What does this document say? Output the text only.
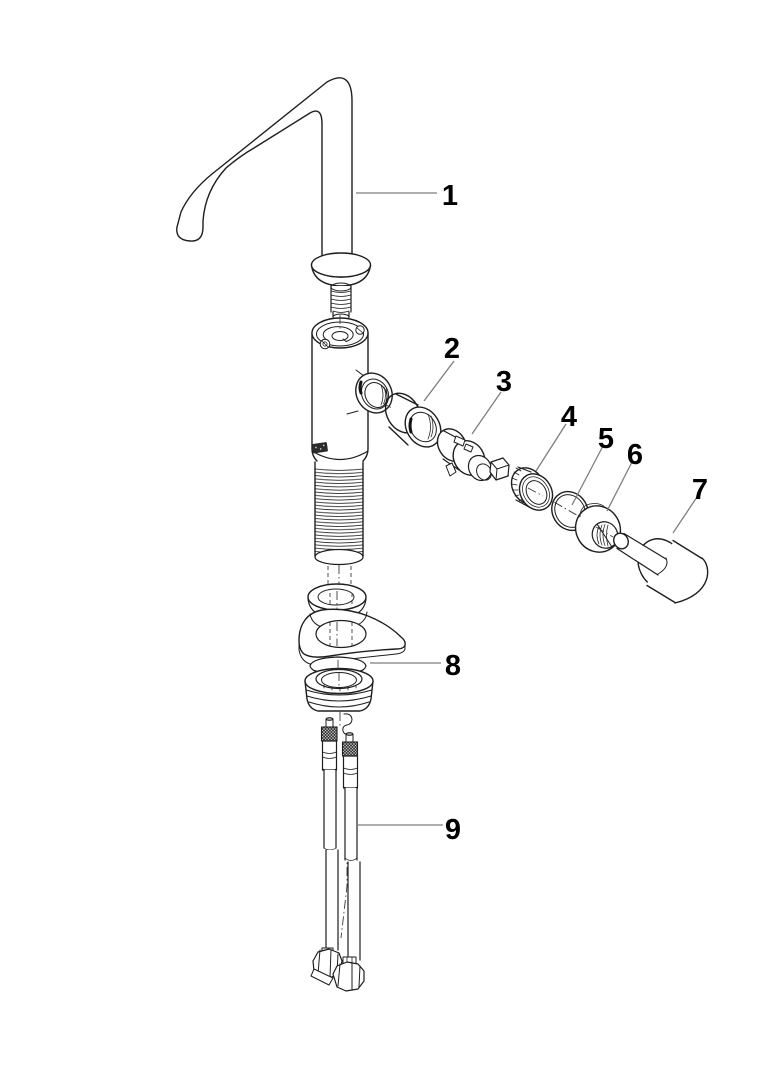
1
2
3
4
5 6
7
8
9
